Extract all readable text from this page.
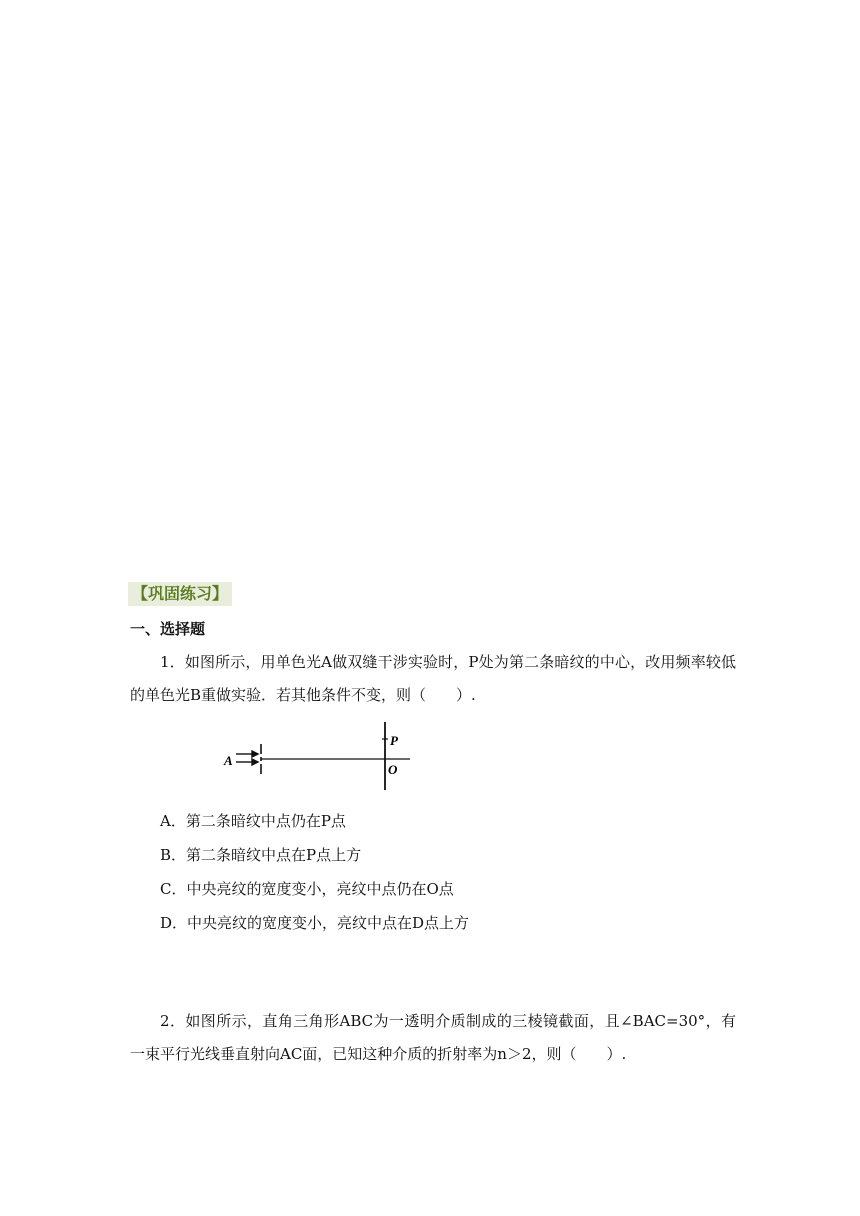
【巩固练习】
一、选择题
1．如图所示，用单色光A做双缝干涉实验时，P处为第二条暗纹的中心，改用频率较低的单色光B重做实验．若其他条件不变，则（　　）.
A
P
O
A．第二条暗纹中点仍在P点
B．第二条暗纹中点在P点上方
C．中央亮纹的宽度变小，亮纹中点仍在O点
D．中央亮纹的宽度变小，亮纹中点在D点上方
2．如图所示，直角三角形ABC为一透明介质制成的三棱镜截面，且∠BAC=30°，有一束平行光线垂直射向AC面，已知这种介质的折射率为n＞2，则（　　）.
